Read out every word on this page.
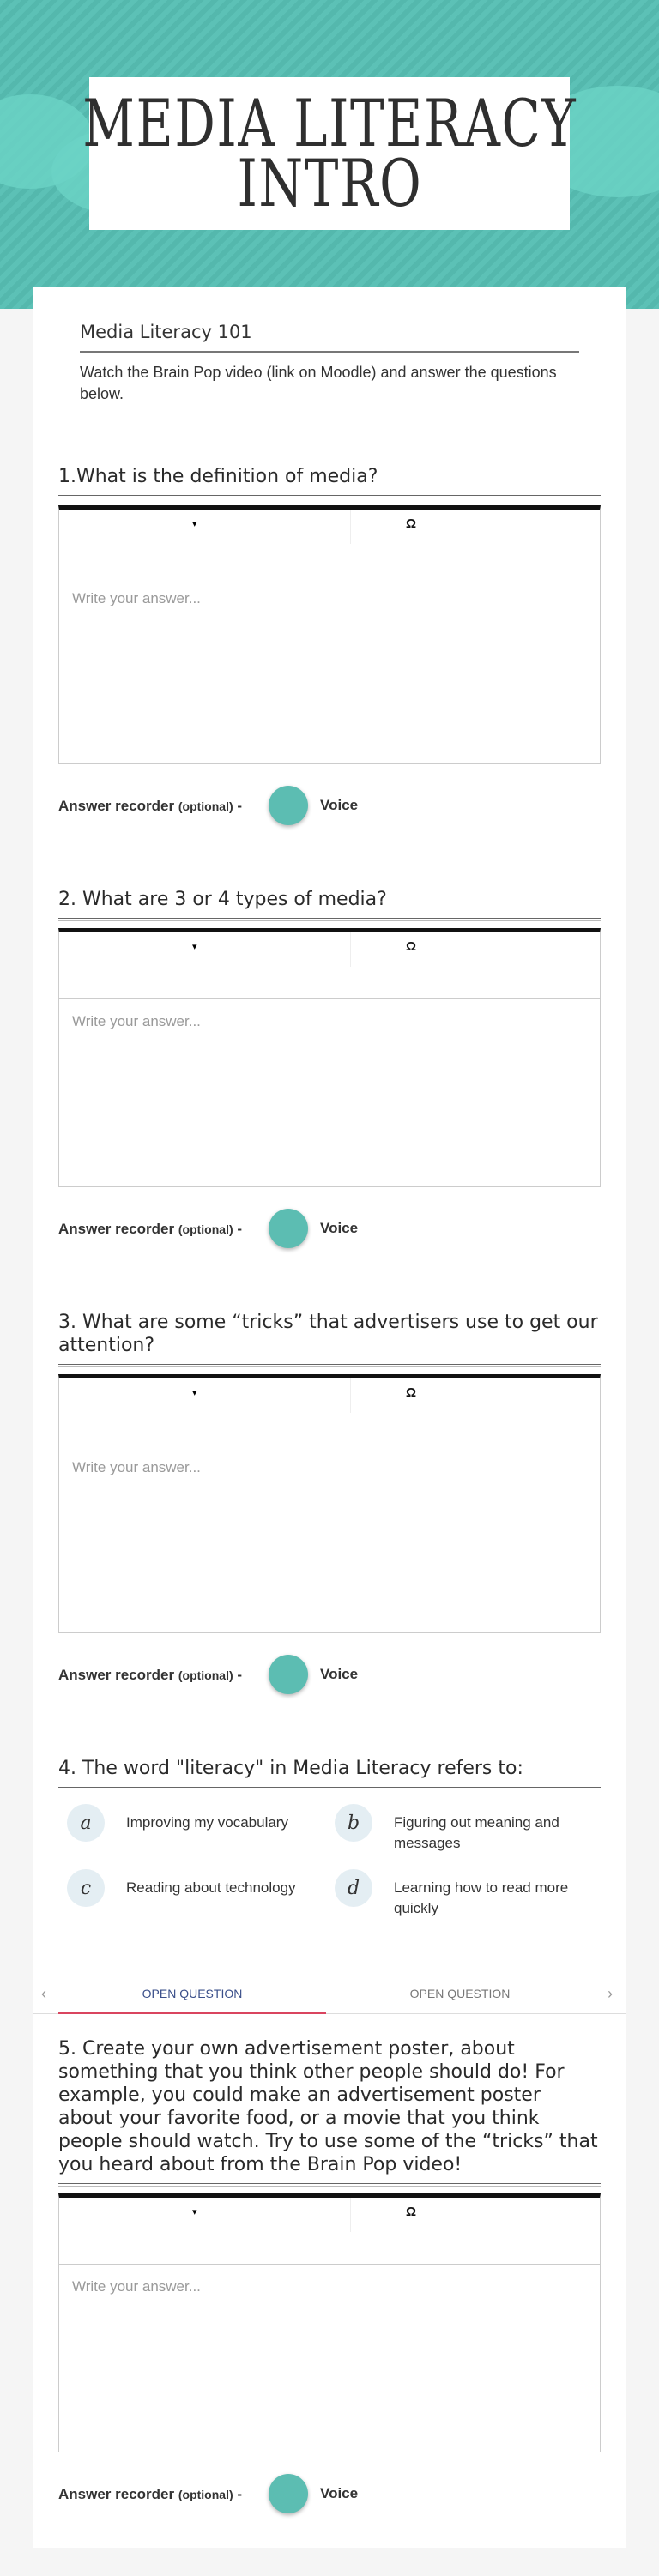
MEDIA LITERACY
INTRO
Media Literacy 101
Watch the Brain Pop video (link on Moodle) and answer the questions below.
1.What is the definition of media?
▾	Ω
Write your answer...
Answer recorder (optional) -	Voice
2. What are 3 or 4 types of media?
▾	Ω
Write your answer...
Answer recorder (optional) -	Voice
3. What are some “tricks” that advertisers use to get our attention?
▾	Ω
Write your answer...
Answer recorder (optional) -	Voice
4. The word "literacy" in Media Literacy refers to:
a	Improving my vocabulary	b	Figuring out meaning and messages
c	Reading about technology	d	Learning how to read more quickly
‹	OPEN QUESTION	OPEN QUESTION	›
5. Create your own advertisement poster, about something that you think other people should do! For example, you could make an advertisement poster about your favorite food, or a movie that you think people should watch. Try to use some of the “tricks” that you heard about from the Brain Pop video!
▾	Ω
Write your answer...
Answer recorder (optional) -	Voice
